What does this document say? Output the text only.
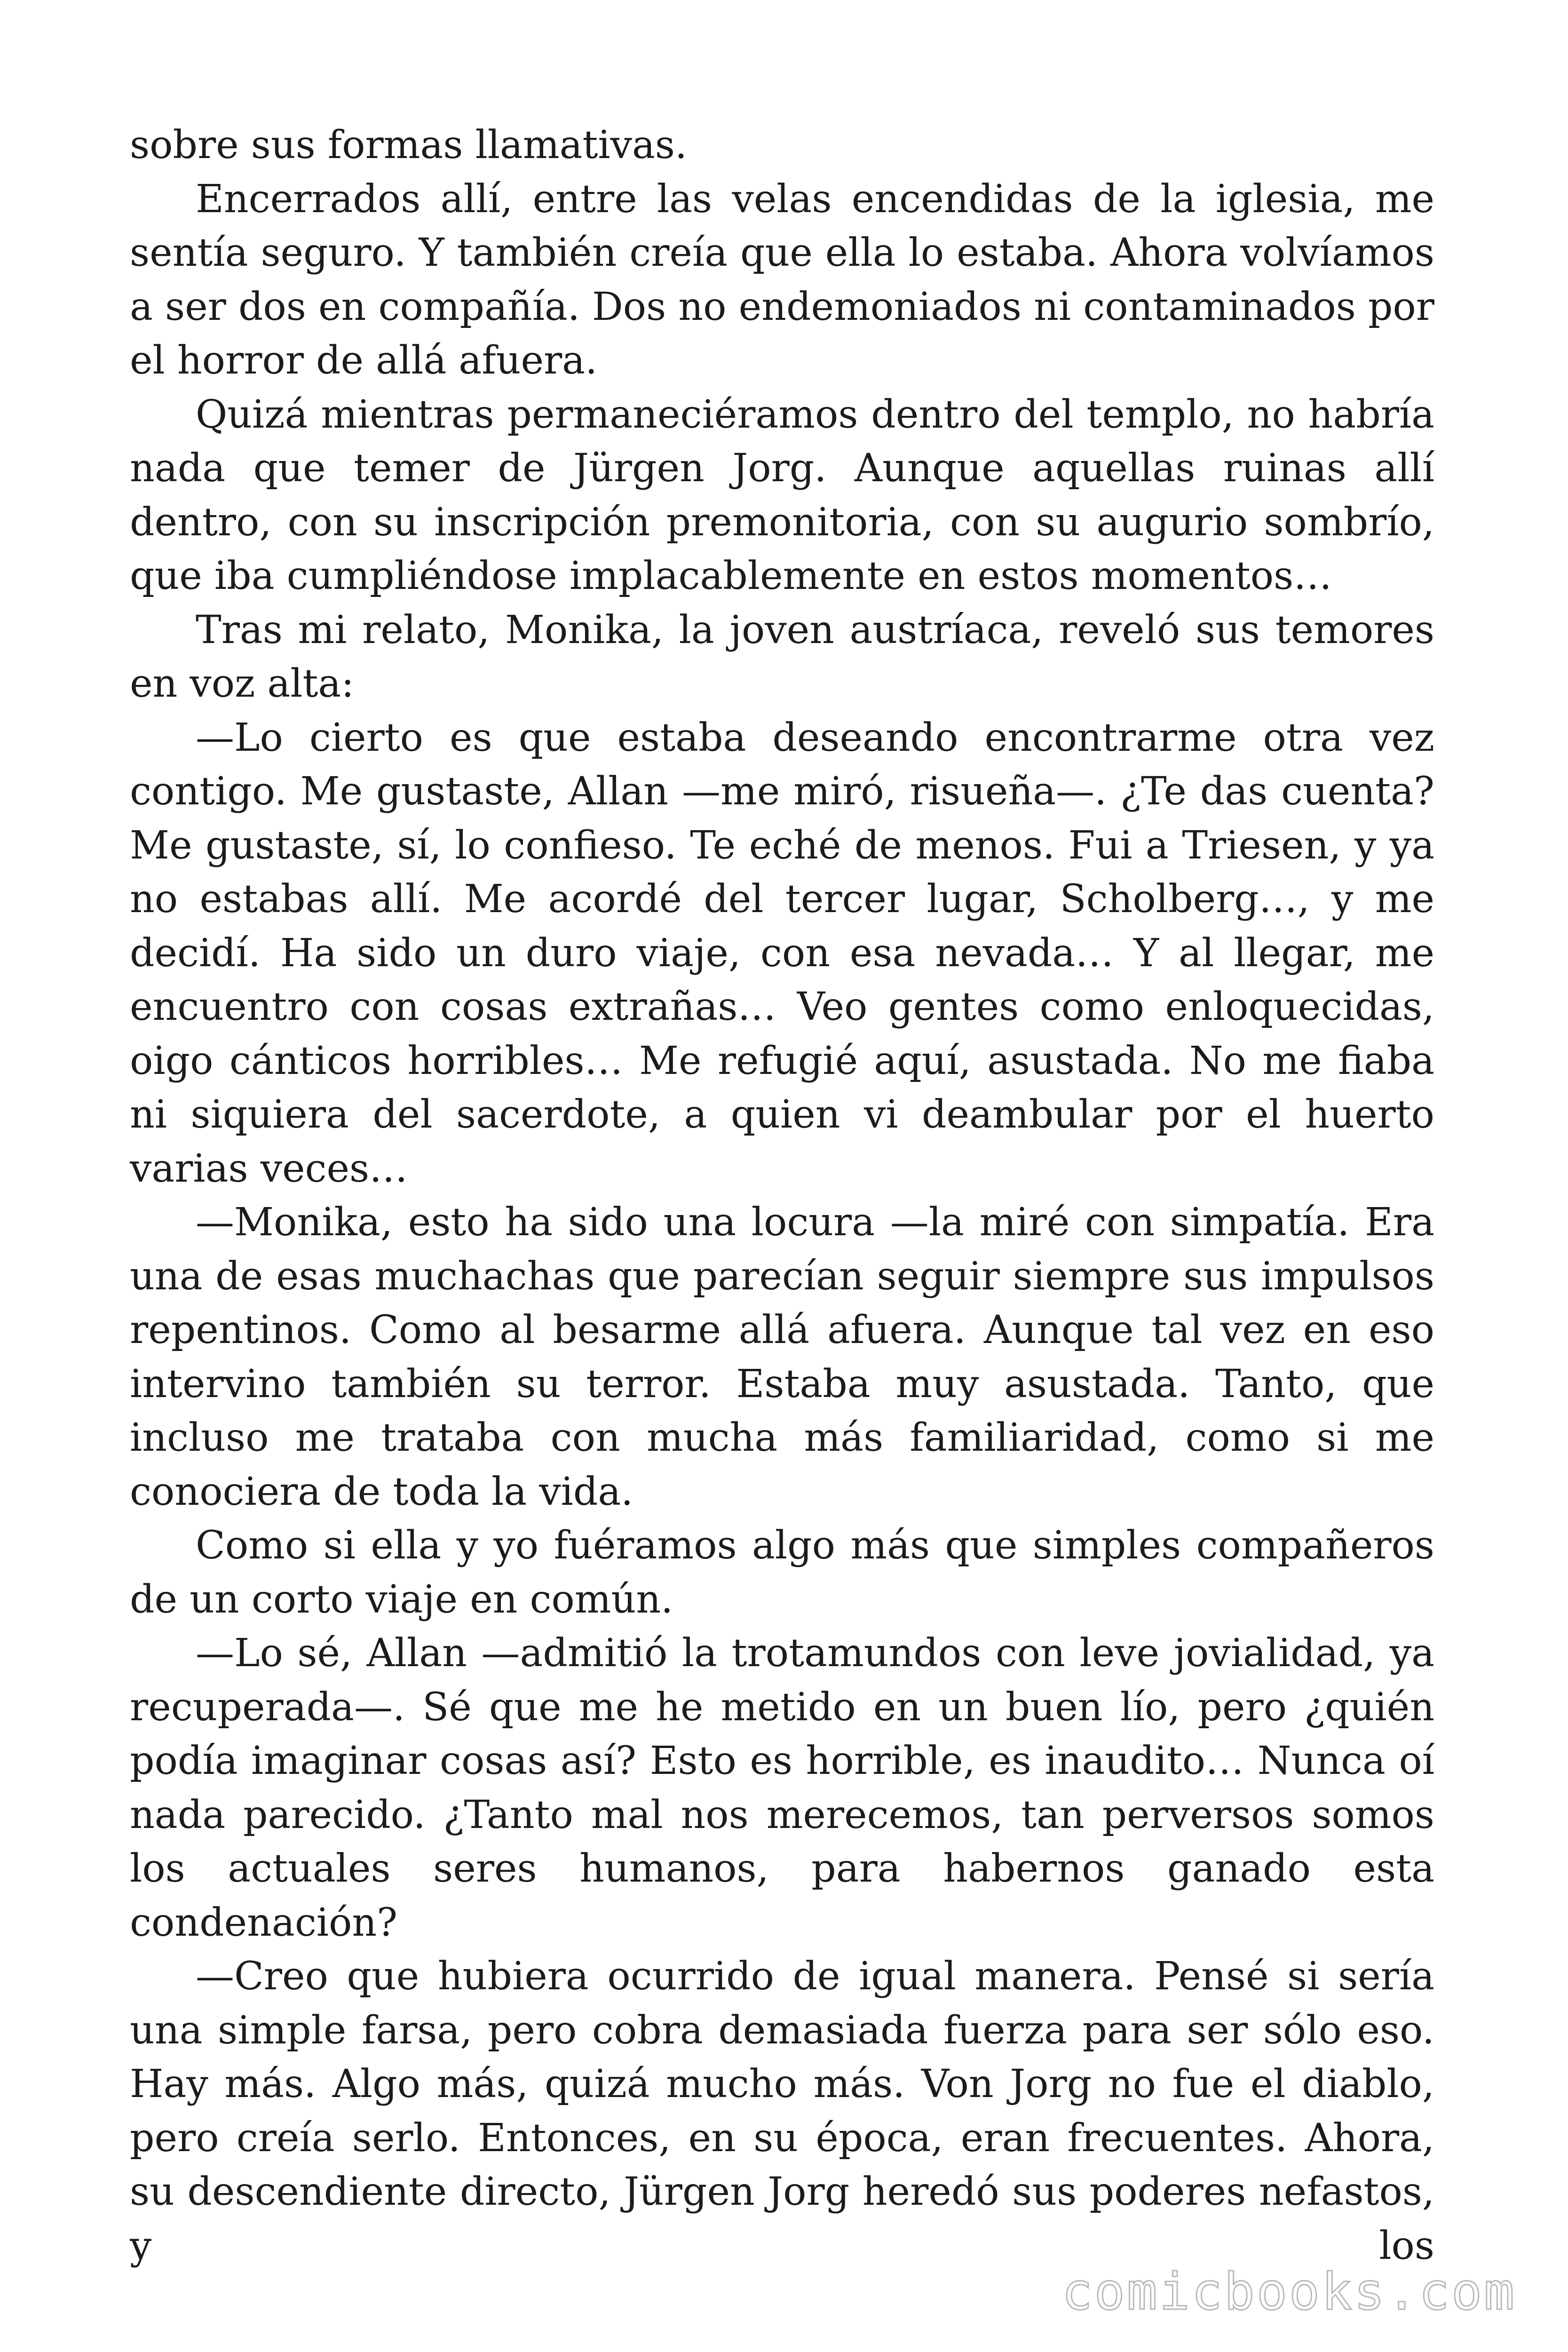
sobre sus formas llamativas.

Encerrados allí, entre las velas encendidas de la iglesia, me sentía seguro. Y también creía que ella lo estaba. Ahora volvíamos a ser dos en compañía. Dos no endemoniados ni contaminados por el horror de allá afuera.

Quizá mientras permaneciéramos dentro del templo, no habría nada que temer de Jürgen Jorg. Aunque aquellas ruinas allí dentro, con su inscripción premonitoria, con su augurio sombrío, que iba cumpliéndose implacablemente en estos momentos…

Tras mi relato, Monika, la joven austríaca, reveló sus temores en voz alta:

—Lo cierto es que estaba deseando encontrarme otra vez contigo. Me gustaste, Allan —me miró, risueña—. ¿Te das cuenta? Me gustaste, sí, lo confieso. Te eché de menos. Fui a Triesen, y ya no estabas allí. Me acordé del tercer lugar, Scholberg…, y me decidí. Ha sido un duro viaje, con esa nevada… Y al llegar, me encuentro con cosas extrañas… Veo gentes como enloquecidas, oigo cánticos horribles… Me refugié aquí, asustada. No me fiaba ni siquiera del sacerdote, a quien vi deambular por el huerto varias veces…

—Monika, esto ha sido una locura —la miré con simpatía. Era una de esas muchachas que parecían seguir siempre sus impulsos repentinos. Como al besarme allá afuera. Aunque tal vez en eso intervino también su terror. Estaba muy asustada. Tanto, que incluso me trataba con mucha más familiaridad, como si me conociera de toda la vida.

Como si ella y yo fuéramos algo más que simples compañeros de un corto viaje en común.

—Lo sé, Allan —admitió la trotamundos con leve jovialidad, ya recuperada—. Sé que me he metido en un buen lío, pero ¿quién podía imaginar cosas así? Esto es horrible, es inaudito… Nunca oí nada parecido. ¿Tanto mal nos merecemos, tan perversos somos los actuales seres humanos, para habernos ganado esta condenación?

—Creo que hubiera ocurrido de igual manera. Pensé si sería una simple farsa, pero cobra demasiada fuerza para ser sólo eso. Hay más. Algo más, quizá mucho más. Von Jorg no fue el diablo, pero creía serlo. Entonces, en su época, eran frecuentes. Ahora, su descendiente directo, Jürgen Jorg heredó sus poderes nefastos, y los

comicbooks.com
